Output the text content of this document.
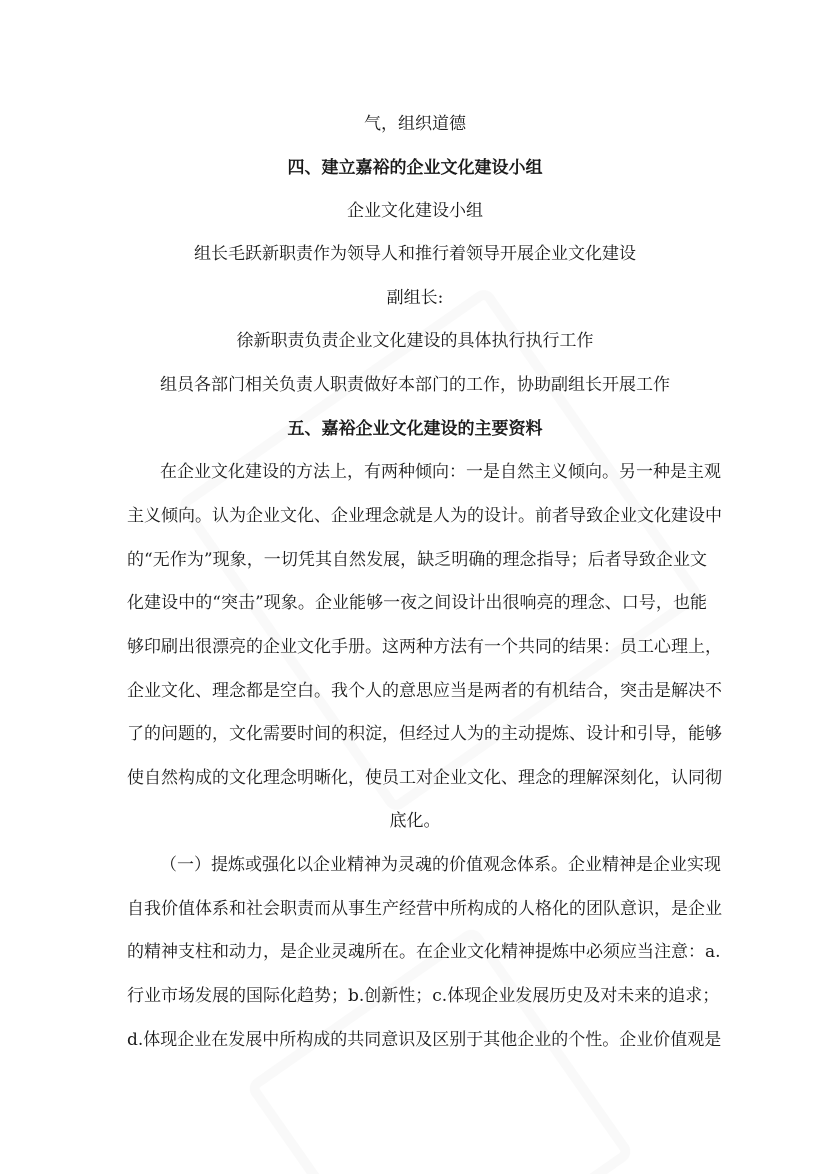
气，组织道德
四、建立嘉裕的企业文化建设小组
企业文化建设小组
组长毛跃新职责作为领导人和推行着领导开展企业文化建设
副组长:
徐新职责负责企业文化建设的具体执行执行工作
组员各部门相关负责人职责做好本部门的工作，协助副组长开展工作
五、嘉裕企业文化建设的主要资料
在企业文化建设的方法上，有两种倾向：一是自然主义倾向。另一种是主观
主义倾向。认为企业文化、企业理念就是人为的设计。前者导致企业文化建设中
的“无作为”现象，一切凭其自然发展，缺乏明确的理念指导；后者导致企业文
化建设中的“突击”现象。企业能够一夜之间设计出很响亮的理念、口号，也能
够印刷出很漂亮的企业文化手册。这两种方法有一个共同的结果：员工心理上，
企业文化、理念都是空白。我个人的意思应当是两者的有机结合，突击是解决不
了的问题的，文化需要时间的积淀，但经过人为的主动提炼、设计和引导，能够
使自然构成的文化理念明晰化，使员工对企业文化、理念的理解深刻化，认同彻
底化。
（一）提炼或强化以企业精神为灵魂的价值观念体系。企业精神是企业实现
自我价值体系和社会职责而从事生产经营中所构成的人格化的团队意识，是企业
的精神支柱和动力，是企业灵魂所在。在企业文化精神提炼中必须应当注意：a.
行业市场发展的国际化趋势；b.创新性；c.体现企业发展历史及对未来的追求；
d.体现企业在发展中所构成的共同意识及区别于其他企业的个性。企业价值观是
